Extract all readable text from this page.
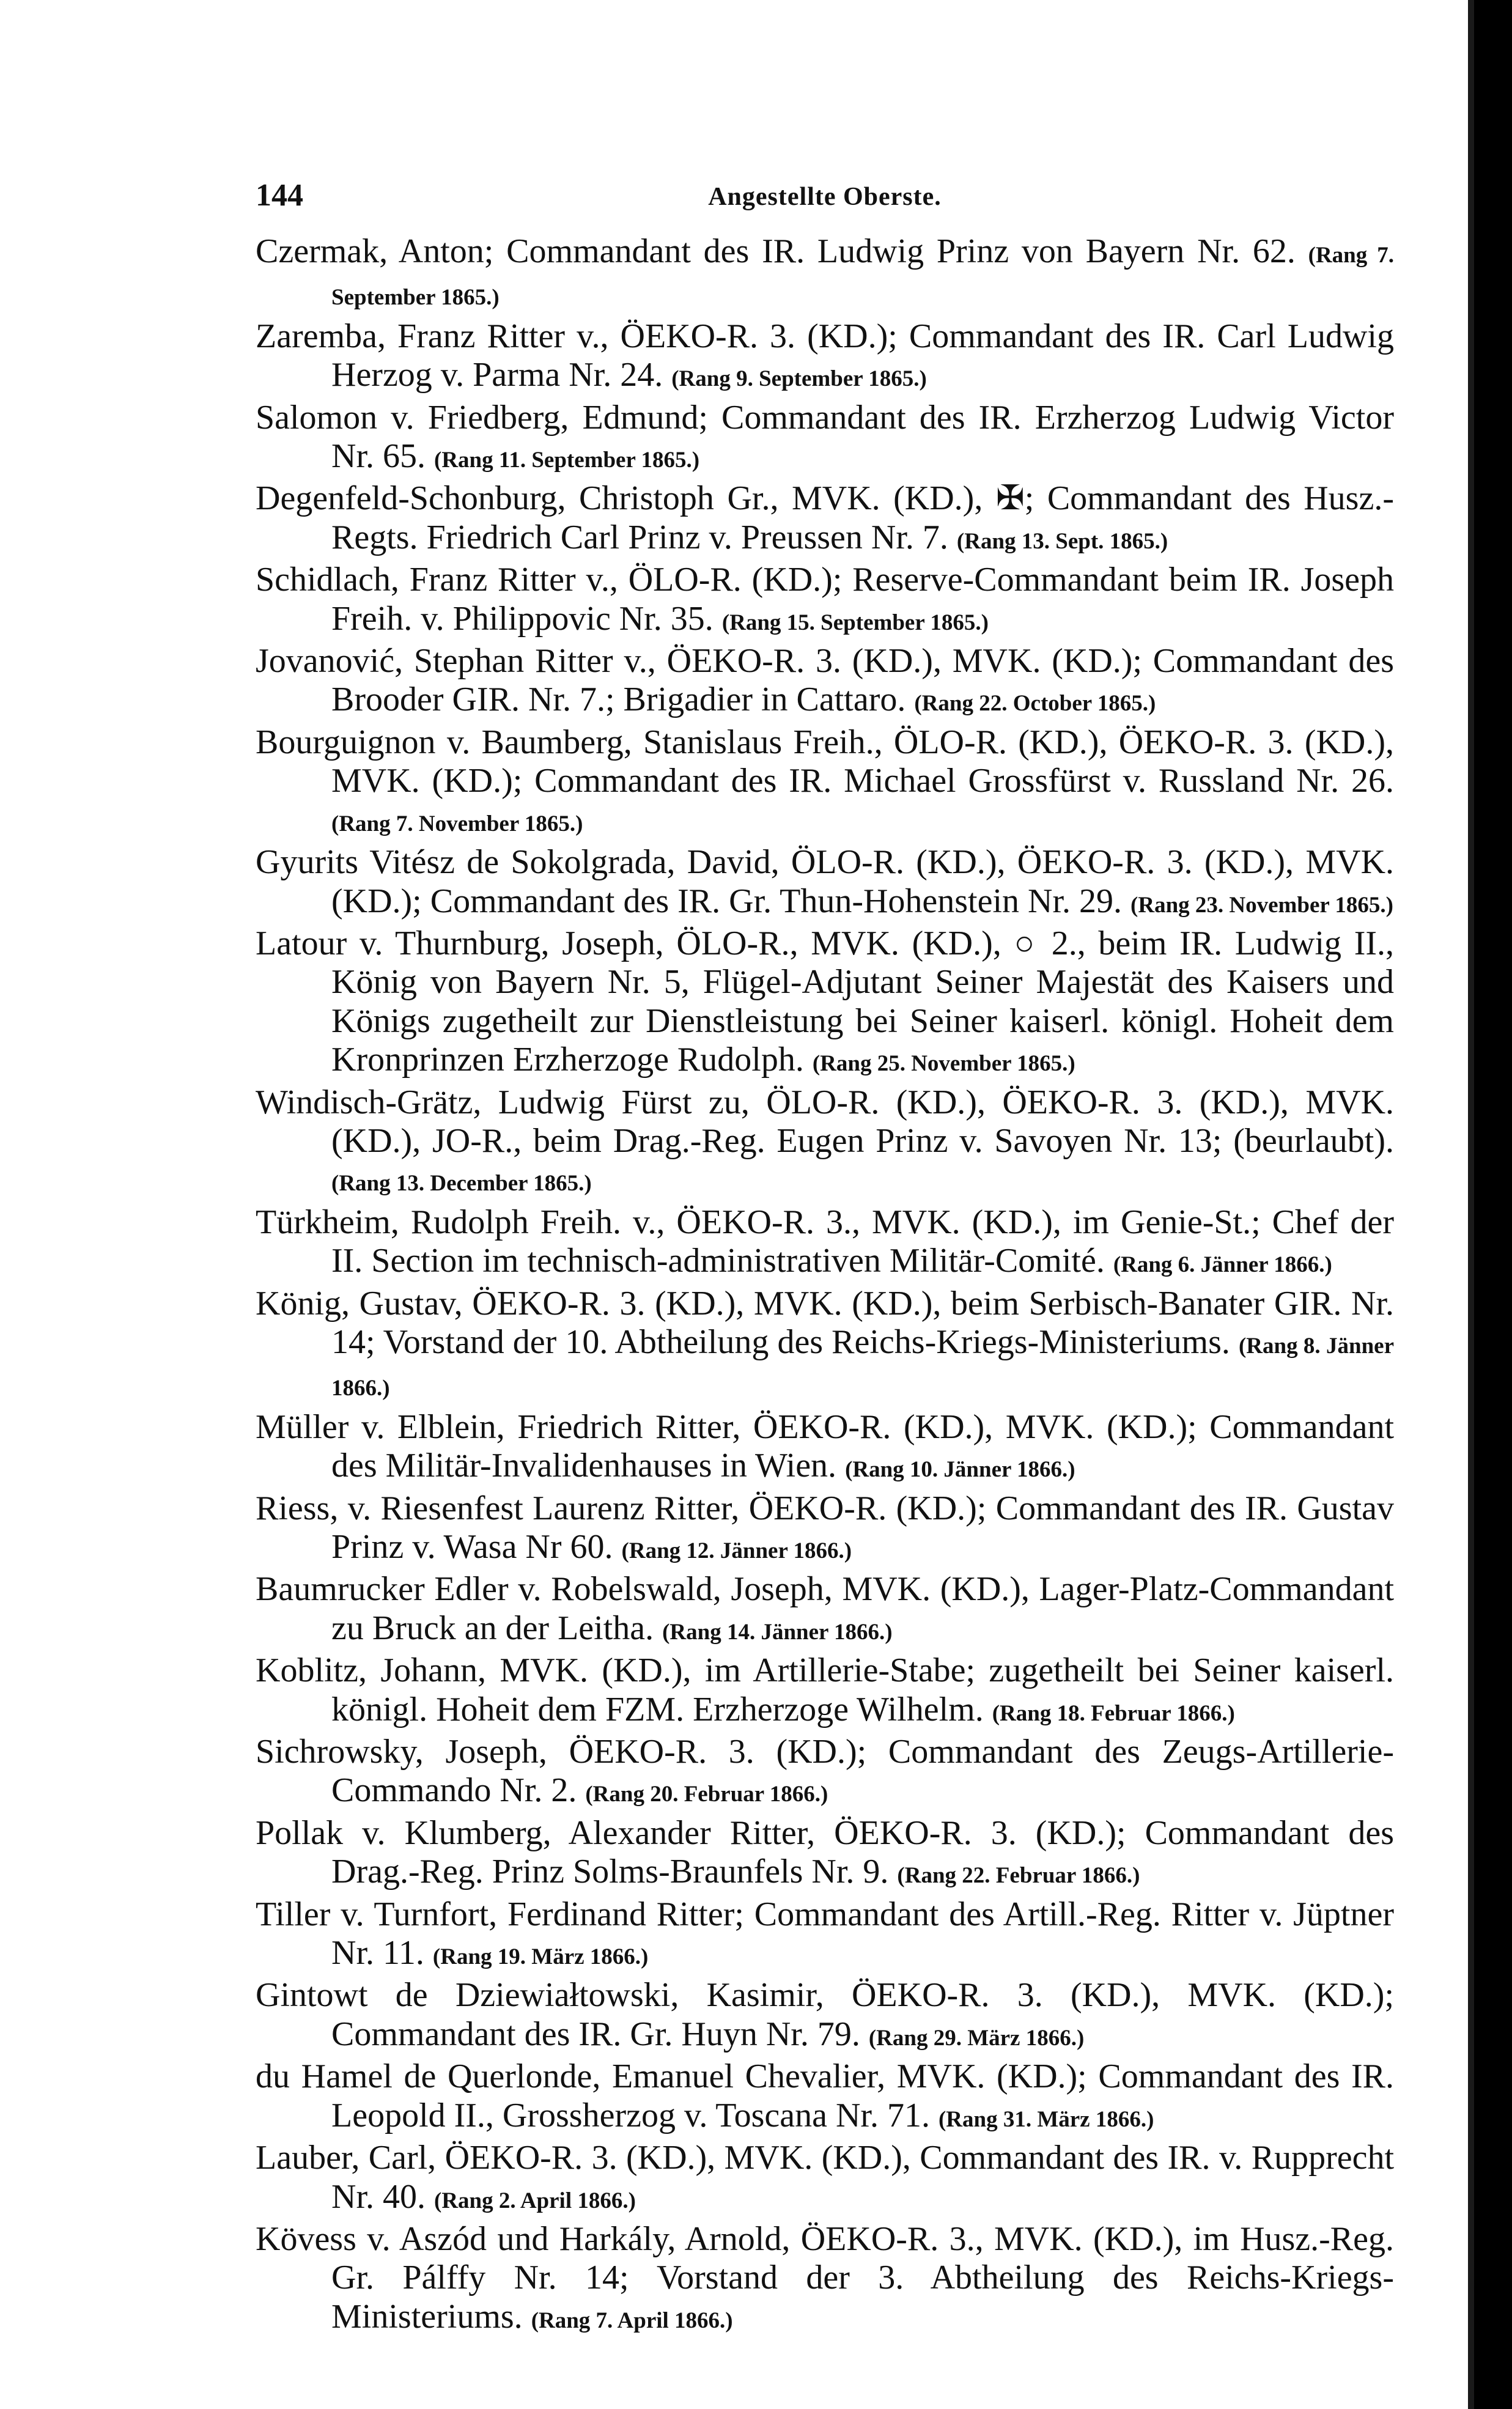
144	Angestellte Oberste.
Czermak, Anton; Commandant des IR. Ludwig Prinz von Bayern Nr. 62. (Rang 7. September 1865.)
Zaremba, Franz Ritter v., ÖEKO-R. 3. (KD.); Commandant des IR. Carl Ludwig Herzog v. Parma Nr. 24. (Rang 9. September 1865.)
Salomon v. Friedberg, Edmund; Commandant des IR. Erzherzog Ludwig Victor Nr. 65. (Rang 11. September 1865.)
Degenfeld-Schonburg, Christoph Gr., MVK. (KD.), ✠; Commandant des Husz.-Regts. Friedrich Carl Prinz v. Preussen Nr. 7. (Rang 13. Sept. 1865.)
Schidlach, Franz Ritter v., ÖLO-R. (KD.); Reserve-Commandant beim IR. Joseph Freih. v. Philippovic Nr. 35. (Rang 15. September 1865.)
Jovanović, Stephan Ritter v., ÖEKO-R. 3. (KD.), MVK. (KD.); Commandant des Brooder GIR. Nr. 7.; Brigadier in Cattaro. (Rang 22. October 1865.)
Bourguignon v. Baumberg, Stanislaus Freih., ÖLO-R. (KD.), ÖEKO-R. 3. (KD.), MVK. (KD.); Commandant des IR. Michael Grossfürst v. Russland Nr. 26. (Rang 7. November 1865.)
Gyurits Vitész de Sokolgrada, David, ÖLO-R. (KD.), ÖEKO-R. 3. (KD.), MVK. (KD.); Commandant des IR. Gr. Thun-Hohenstein Nr. 29. (Rang 23. November 1865.)
Latour v. Thurnburg, Joseph, ÖLO-R., MVK. (KD.), ○ 2., beim IR. Ludwig II., König von Bayern Nr. 5, Flügel-Adjutant Seiner Majestät des Kaisers und Königs zugetheilt zur Dienstleistung bei Seiner kaiserl. königl. Hoheit dem Kronprinzen Erzherzoge Rudolph. (Rang 25. November 1865.)
Windisch-Grätz, Ludwig Fürst zu, ÖLO-R. (KD.), ÖEKO-R. 3. (KD.), MVK. (KD.), JO-R., beim Drag.-Reg. Eugen Prinz v. Savoyen Nr. 13; (beurlaubt). (Rang 13. December 1865.)
Türkheim, Rudolph Freih. v., ÖEKO-R. 3., MVK. (KD.), im Genie-St.; Chef der II. Section im technisch-administrativen Militär-Comité. (Rang 6. Jänner 1866.)
König, Gustav, ÖEKO-R. 3. (KD.), MVK. (KD.), beim Serbisch-Banater GIR. Nr. 14; Vorstand der 10. Abtheilung des Reichs-Kriegs-Ministeriums. (Rang 8. Jänner 1866.)
Müller v. Elblein, Friedrich Ritter, ÖEKO-R. (KD.), MVK. (KD.); Commandant des Militär-Invalidenhauses in Wien. (Rang 10. Jänner 1866.)
Riess, v. Riesenfest Laurenz Ritter, ÖEKO-R. (KD.); Commandant des IR. Gustav Prinz v. Wasa Nr 60. (Rang 12. Jänner 1866.)
Baumrucker Edler v. Robelswald, Joseph, MVK. (KD.), Lager-Platz-Commandant zu Bruck an der Leitha. (Rang 14. Jänner 1866.)
Koblitz, Johann, MVK. (KD.), im Artillerie-Stabe; zugetheilt bei Seiner kaiserl. königl. Hoheit dem FZM. Erzherzoge Wilhelm. (Rang 18. Februar 1866.)
Sichrowsky, Joseph, ÖEKO-R. 3. (KD.); Commandant des Zeugs-Artillerie-Commando Nr. 2. (Rang 20. Februar 1866.)
Pollak v. Klumberg, Alexander Ritter, ÖEKO-R. 3. (KD.); Commandant des Drag.-Reg. Prinz Solms-Braunfels Nr. 9. (Rang 22. Februar 1866.)
Tiller v. Turnfort, Ferdinand Ritter; Commandant des Artill.-Reg. Ritter v. Jüptner Nr. 11. (Rang 19. März 1866.)
Gintowt de Dziewiałtowski, Kasimir, ÖEKO-R. 3. (KD.), MVK. (KD.); Commandant des IR. Gr. Huyn Nr. 79. (Rang 29. März 1866.)
du Hamel de Querlonde, Emanuel Chevalier, MVK. (KD.); Commandant des IR. Leopold II., Grossherzog v. Toscana Nr. 71. (Rang 31. März 1866.)
Lauber, Carl, ÖEKO-R. 3. (KD.), MVK. (KD.), Commandant des IR. v. Rupprecht Nr. 40. (Rang 2. April 1866.)
Kövess v. Aszód und Harkály, Arnold, ÖEKO-R. 3., MVK. (KD.), im Husz.-Reg. Gr. Pálffy Nr. 14; Vorstand der 3. Abtheilung des Reichs-Kriegs-Ministeriums. (Rang 7. April 1866.)
